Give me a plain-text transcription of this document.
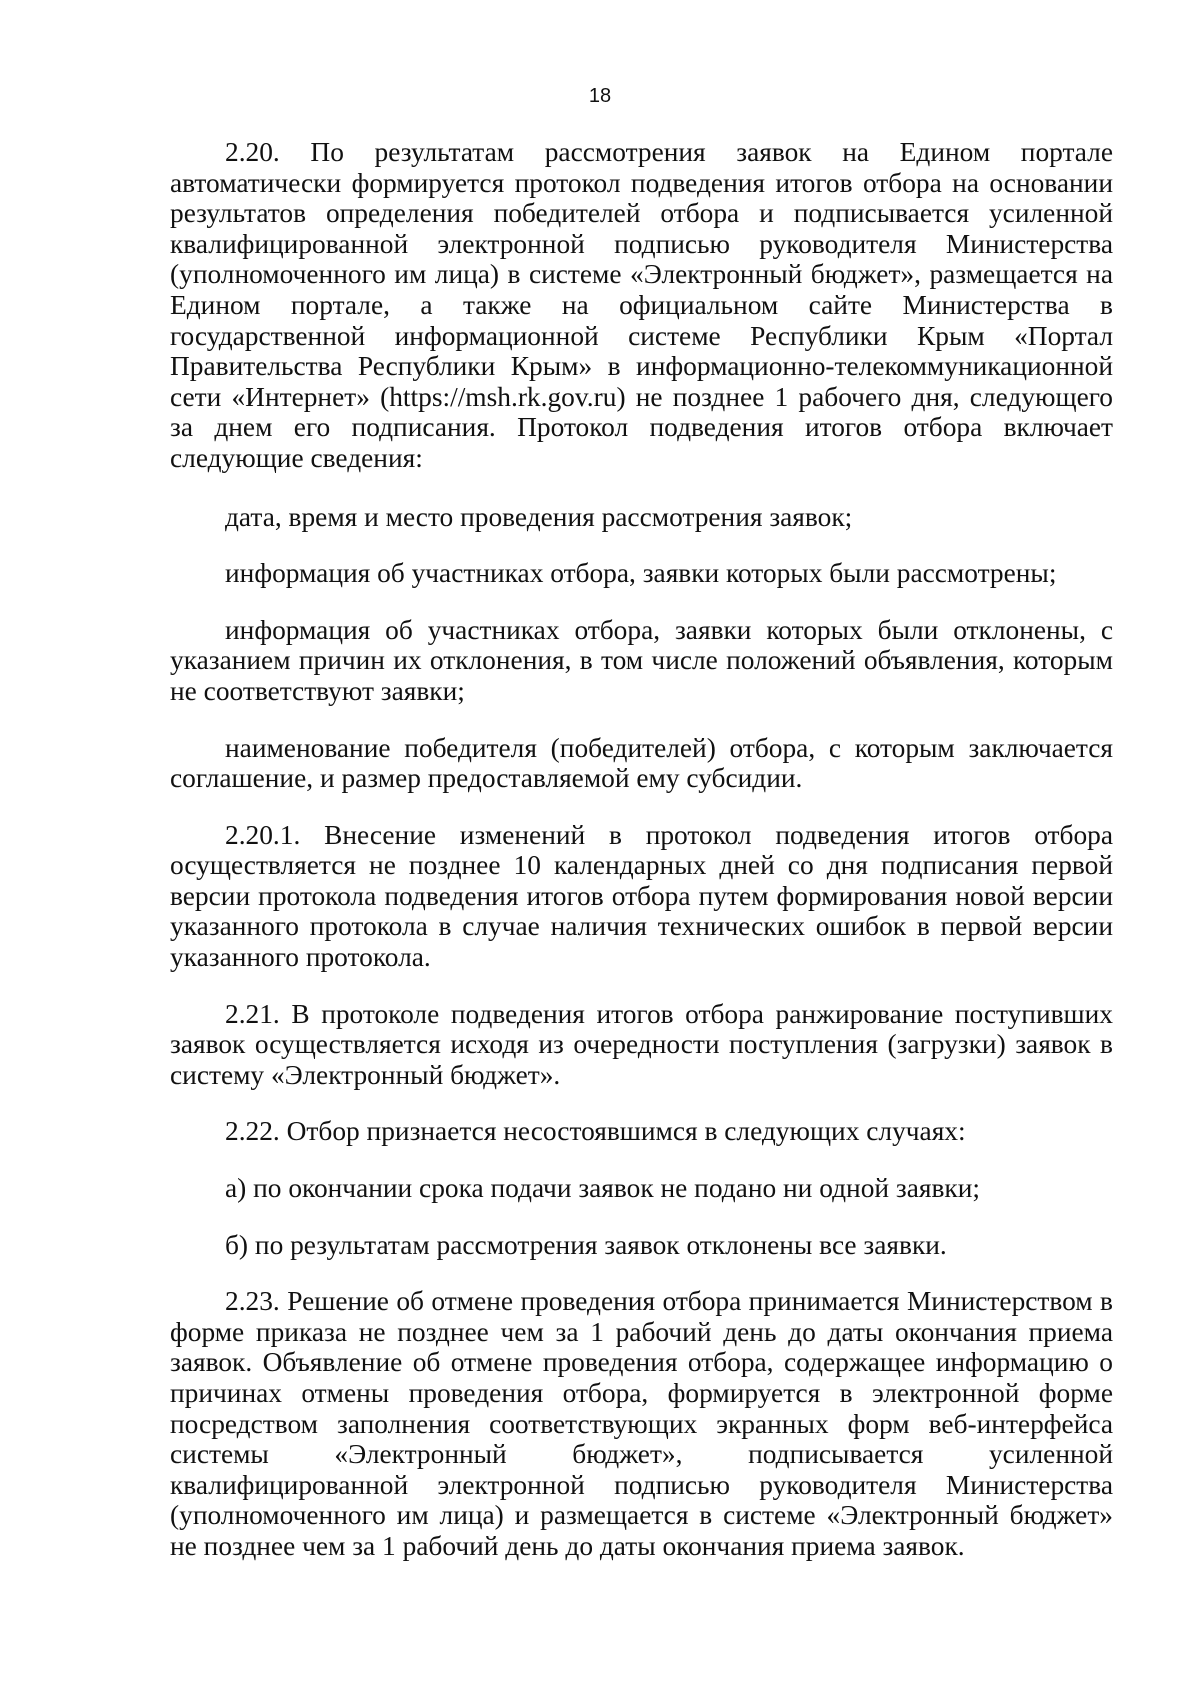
18

2.20. По результатам рассмотрения заявок на Едином портале автоматически формируется протокол подведения итогов отбора на основании результатов определения победителей отбора и подписывается усиленной квалифицированной электронной подписью руководителя Министерства (уполномоченного им лица) в системе «Электронный бюджет», размещается на Едином портале, а также на официальном сайте Министерства в государственной информационной системе Республики Крым «Портал Правительства Республики Крым» в информационно-телекоммуникационной сети «Интернет» (https://msh.rk.gov.ru) не позднее 1 рабочего дня, следующего за днем его подписания. Протокол подведения итогов отбора включает следующие сведения:

дата, время и место проведения рассмотрения заявок;

информация об участниках отбора, заявки которых были рассмотрены;

информация об участниках отбора, заявки которых были отклонены, с указанием причин их отклонения, в том числе положений объявления, которым не соответствуют заявки;

наименование победителя (победителей) отбора, с которым заключается соглашение, и размер предоставляемой ему субсидии.

2.20.1. Внесение изменений в протокол подведения итогов отбора осуществляется не позднее 10 календарных дней со дня подписания первой версии протокола подведения итогов отбора путем формирования новой версии указанного протокола в случае наличия технических ошибок в первой версии указанного протокола.

2.21. В протоколе подведения итогов отбора ранжирование поступивших заявок осуществляется исходя из очередности поступления (загрузки) заявок в систему «Электронный бюджет».

2.22. Отбор признается несостоявшимся в следующих случаях:

а) по окончании срока подачи заявок не подано ни одной заявки;

б) по результатам рассмотрения заявок отклонены все заявки.

2.23. Решение об отмене проведения отбора принимается Министерством в форме приказа не позднее чем за 1 рабочий день до даты окончания приема заявок. Объявление об отмене проведения отбора, содержащее информацию о причинах отмены проведения отбора, формируется в электронной форме посредством заполнения соответствующих экранных форм веб-интерфейса системы «Электронный бюджет», подписывается усиленной квалифицированной электронной подписью руководителя Министерства (уполномоченного им лица) и размещается в системе «Электронный бюджет» не позднее чем за 1 рабочий день до даты окончания приема заявок.
